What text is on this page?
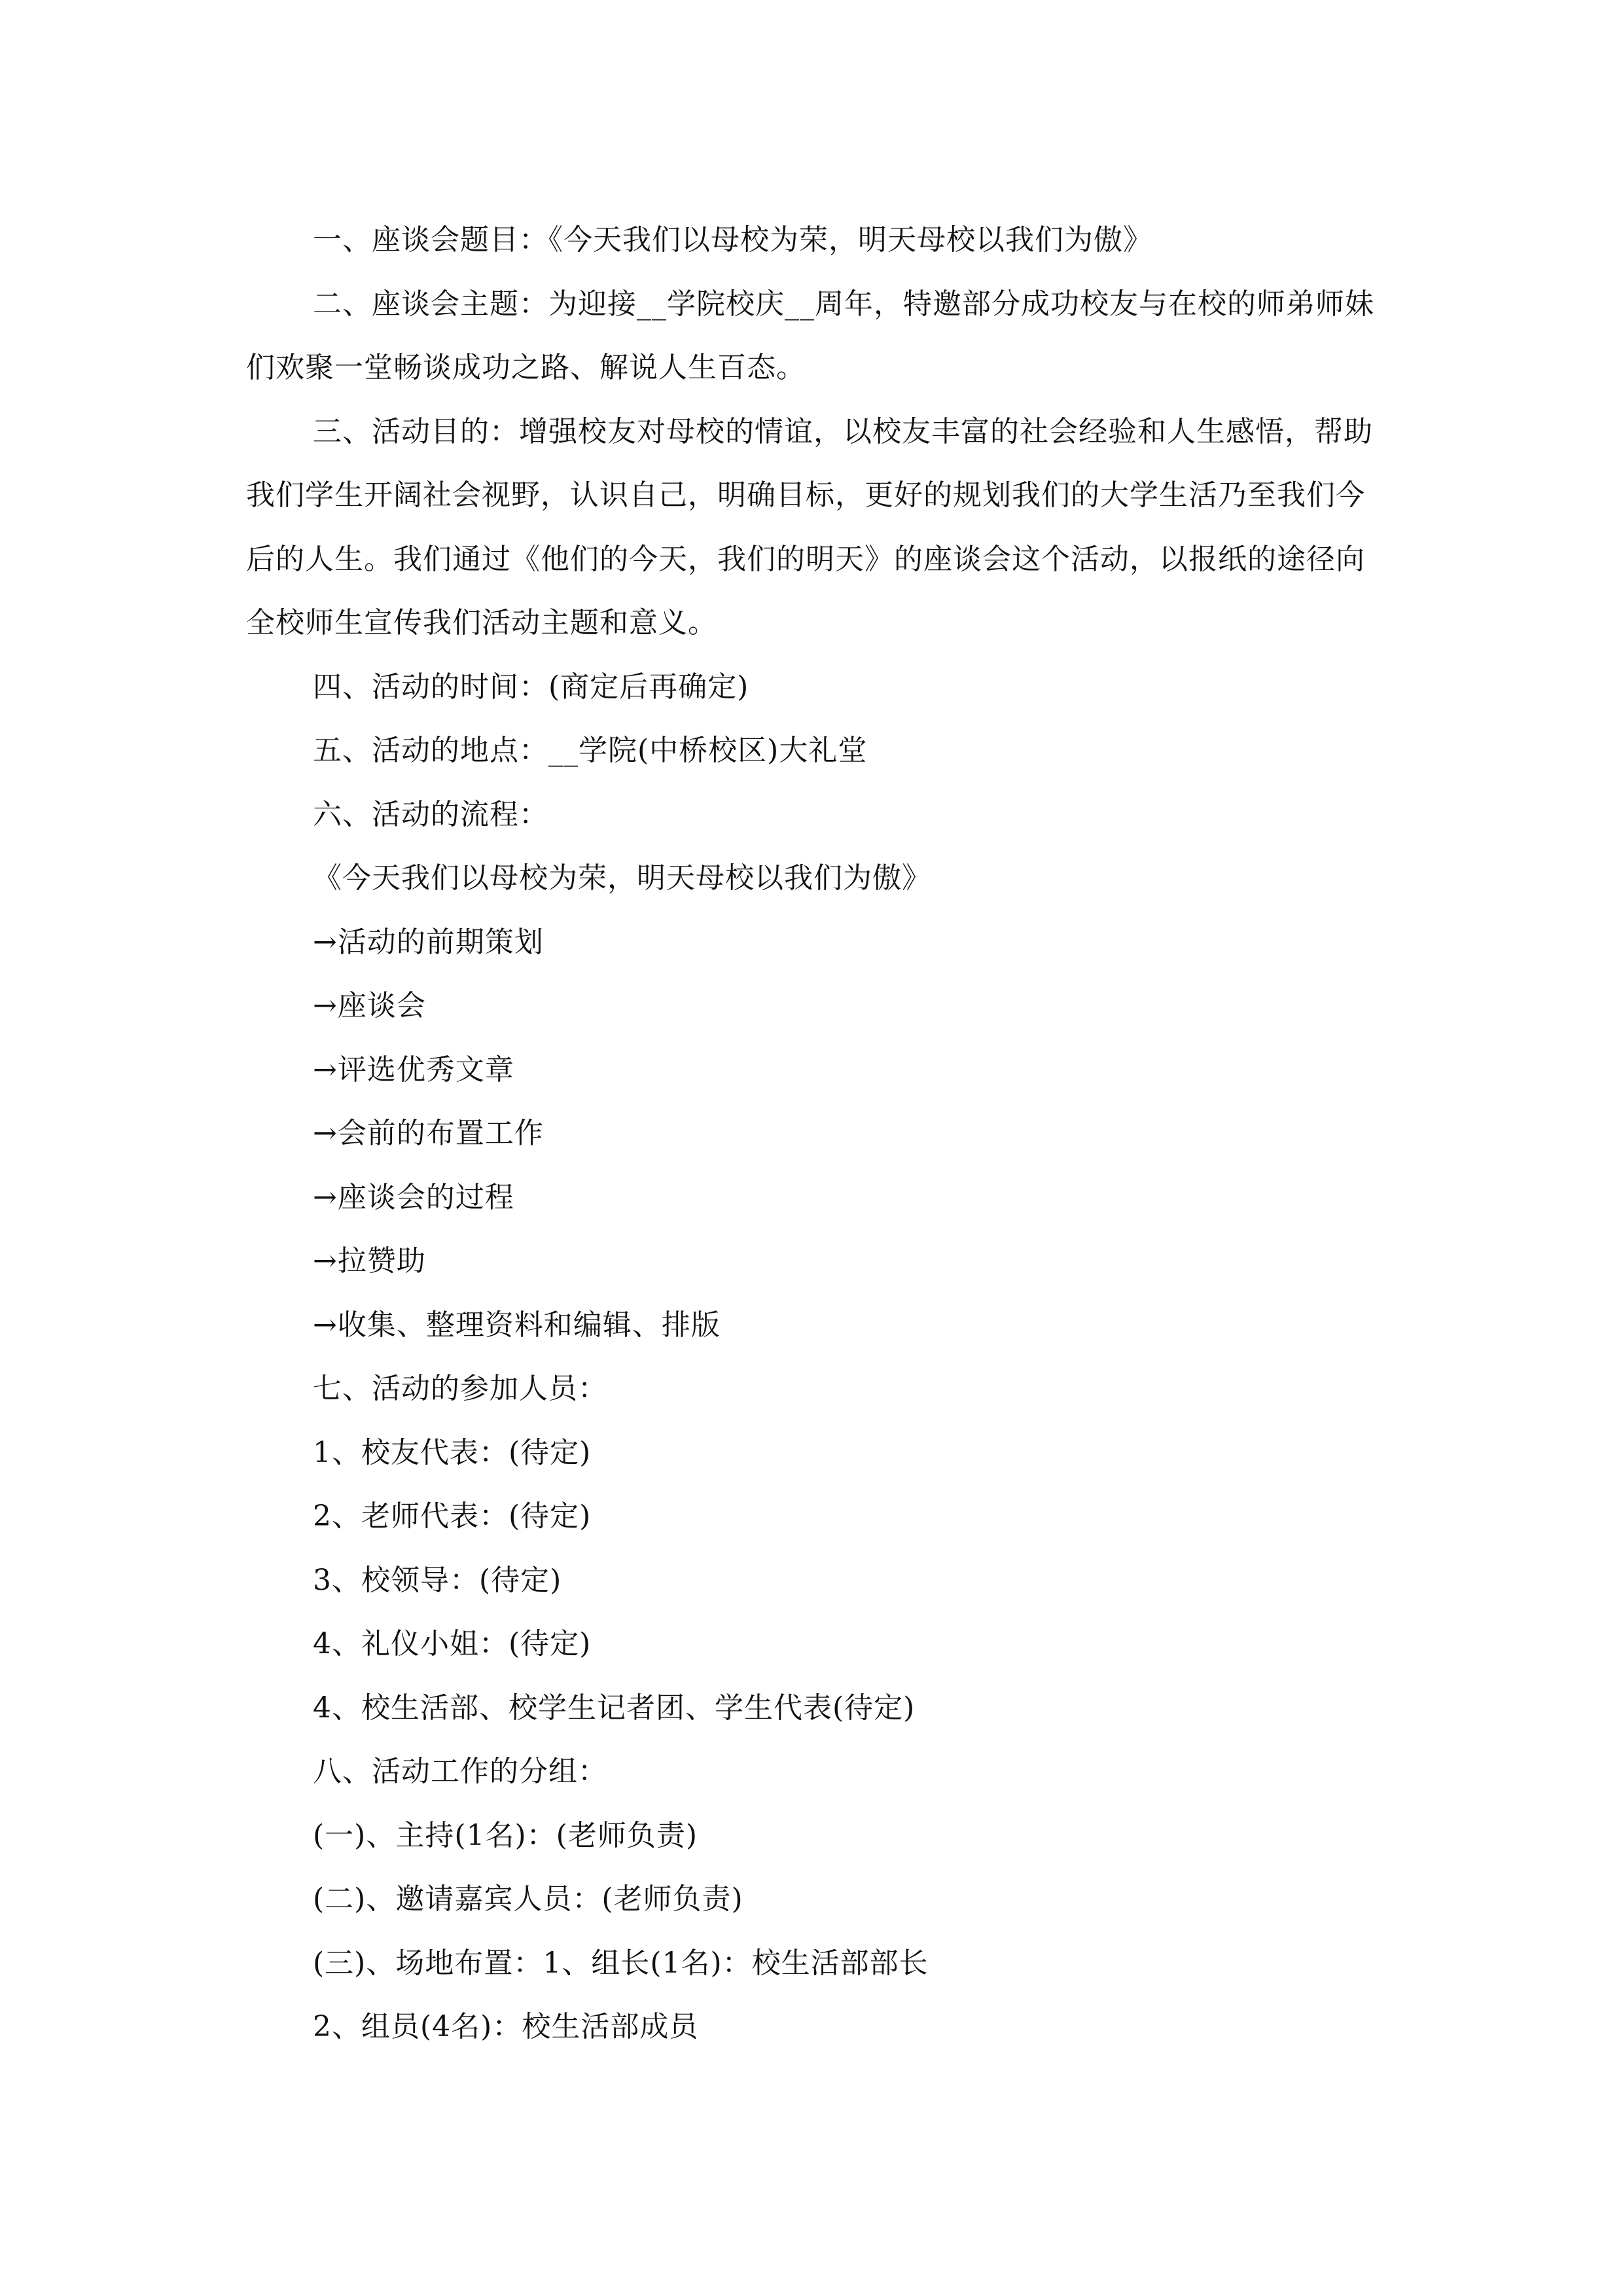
一、座谈会题目：《今天我们以母校为荣，明天母校以我们为傲》

二、座谈会主题：为迎接__学院校庆__周年，特邀部分成功校友与在校的师弟师妹们欢聚一堂畅谈成功之路、解说人生百态。

三、活动目的：增强校友对母校的情谊，以校友丰富的社会经验和人生感悟，帮助我们学生开阔社会视野，认识自己，明确目标，更好的规划我们的大学生活乃至我们今后的人生。我们通过《他们的今天，我们的明天》的座谈会这个活动，以报纸的途径向全校师生宣传我们活动主题和意义。

四、活动的时间：(商定后再确定)

五、活动的地点：__学院(中桥校区)大礼堂

六、活动的流程：

《今天我们以母校为荣，明天母校以我们为傲》

→活动的前期策划

→座谈会

→评选优秀文章

→会前的布置工作

→座谈会的过程

→拉赞助

→收集、整理资料和编辑、排版

七、活动的参加人员：

1、校友代表：(待定)

2、老师代表：(待定)

3、校领导：(待定)

4、礼仪小姐：(待定)

4、校生活部、校学生记者团、学生代表(待定)

八、活动工作的分组：

(一)、主持(1名)：(老师负责)

(二)、邀请嘉宾人员：(老师负责)

(三)、场地布置：1、组长(1名)：校生活部部长

2、组员(4名)：校生活部成员
